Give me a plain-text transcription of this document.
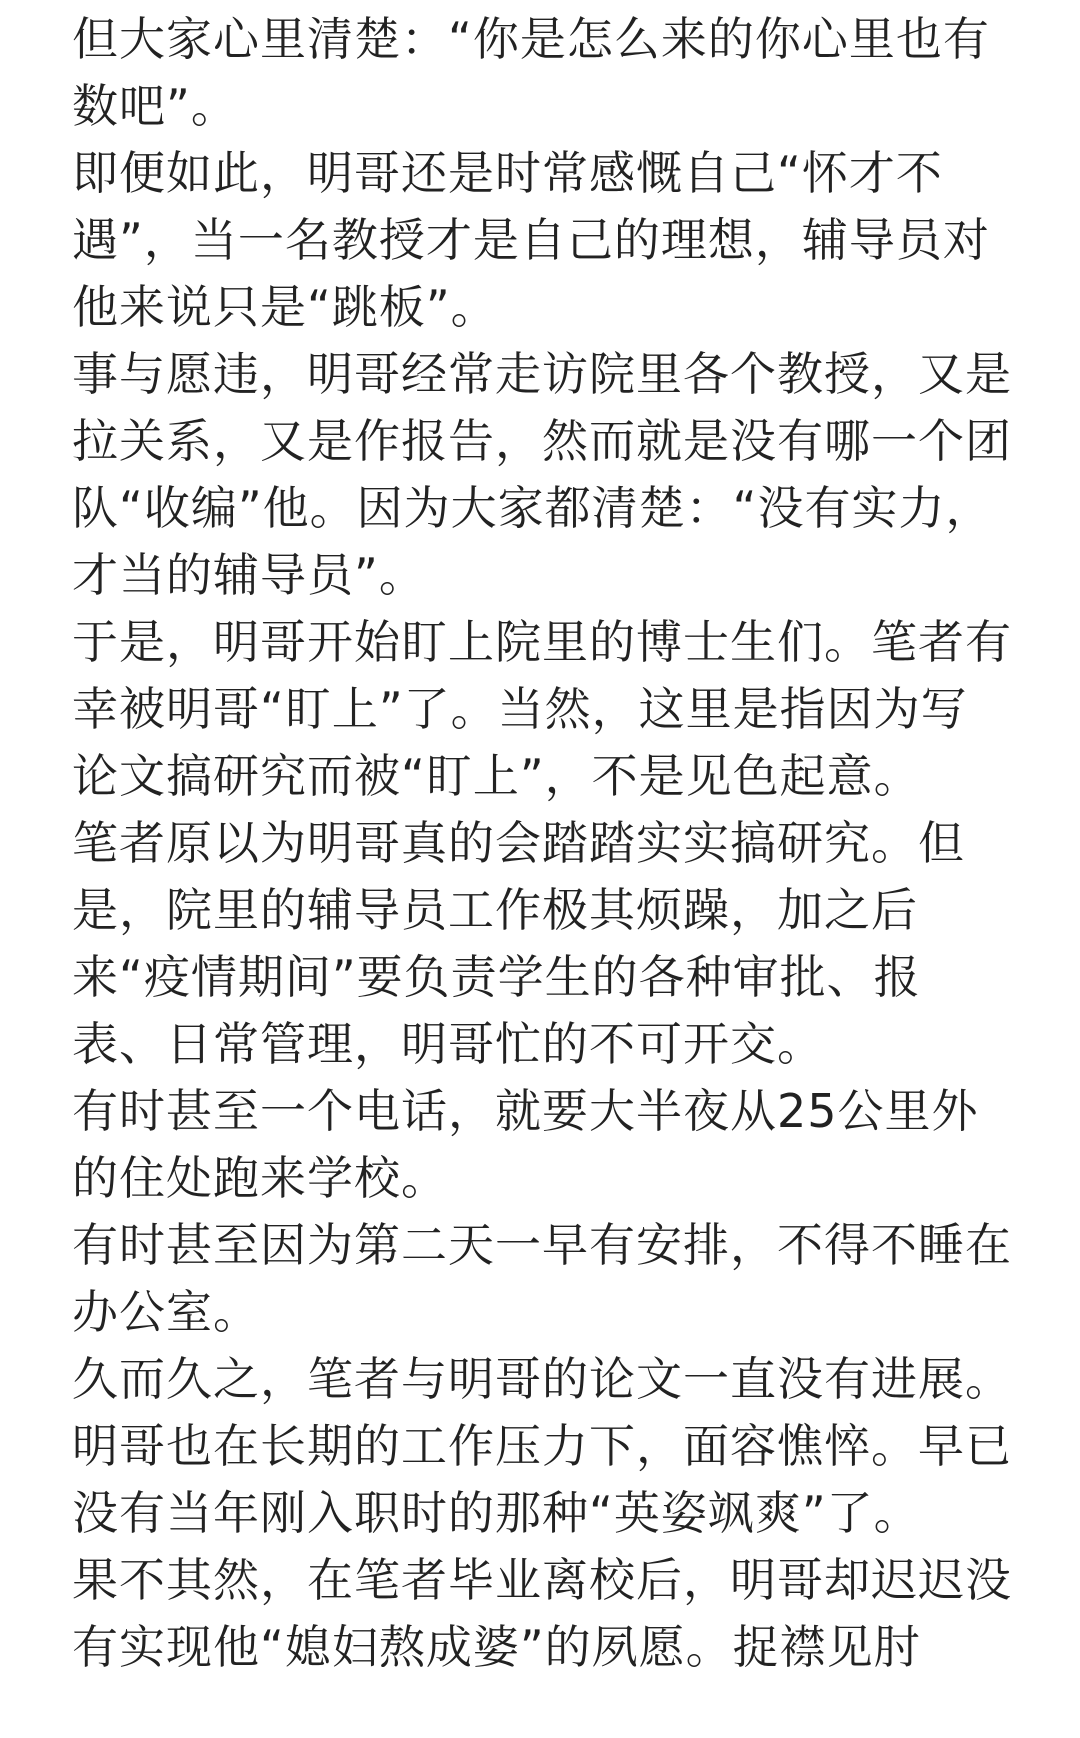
但大家心里清楚：“你是怎么来的你心里也有数吧”。

即便如此，明哥还是时常感慨自己“怀才不遇”，当一名教授才是自己的理想，辅导员对他来说只是“跳板”。

事与愿违，明哥经常走访院里各个教授，又是拉关系，又是作报告，然而就是没有哪一个团队“收编”他。因为大家都清楚：“没有实力，才当的辅导员”。

于是，明哥开始盯上院里的博士生们。笔者有幸被明哥“盯上”了。当然，这里是指因为写论文搞研究而被“盯上”，不是见色起意。

笔者原以为明哥真的会踏踏实实搞研究。但是，院里的辅导员工作极其烦躁，加之后来“疫情期间”要负责学生的各种审批、报表、日常管理，明哥忙的不可开交。

有时甚至一个电话，就要大半夜从25公里外的住处跑来学校。

有时甚至因为第二天一早有安排，不得不睡在办公室。

久而久之，笔者与明哥的论文一直没有进展。

明哥也在长期的工作压力下，面容憔悴。早已没有当年刚入职时的那种“英姿飒爽”了。

果不其然，在笔者毕业离校后，明哥却迟迟没有实现他“媳妇熬成婆”的夙愿。捉襟见肘
